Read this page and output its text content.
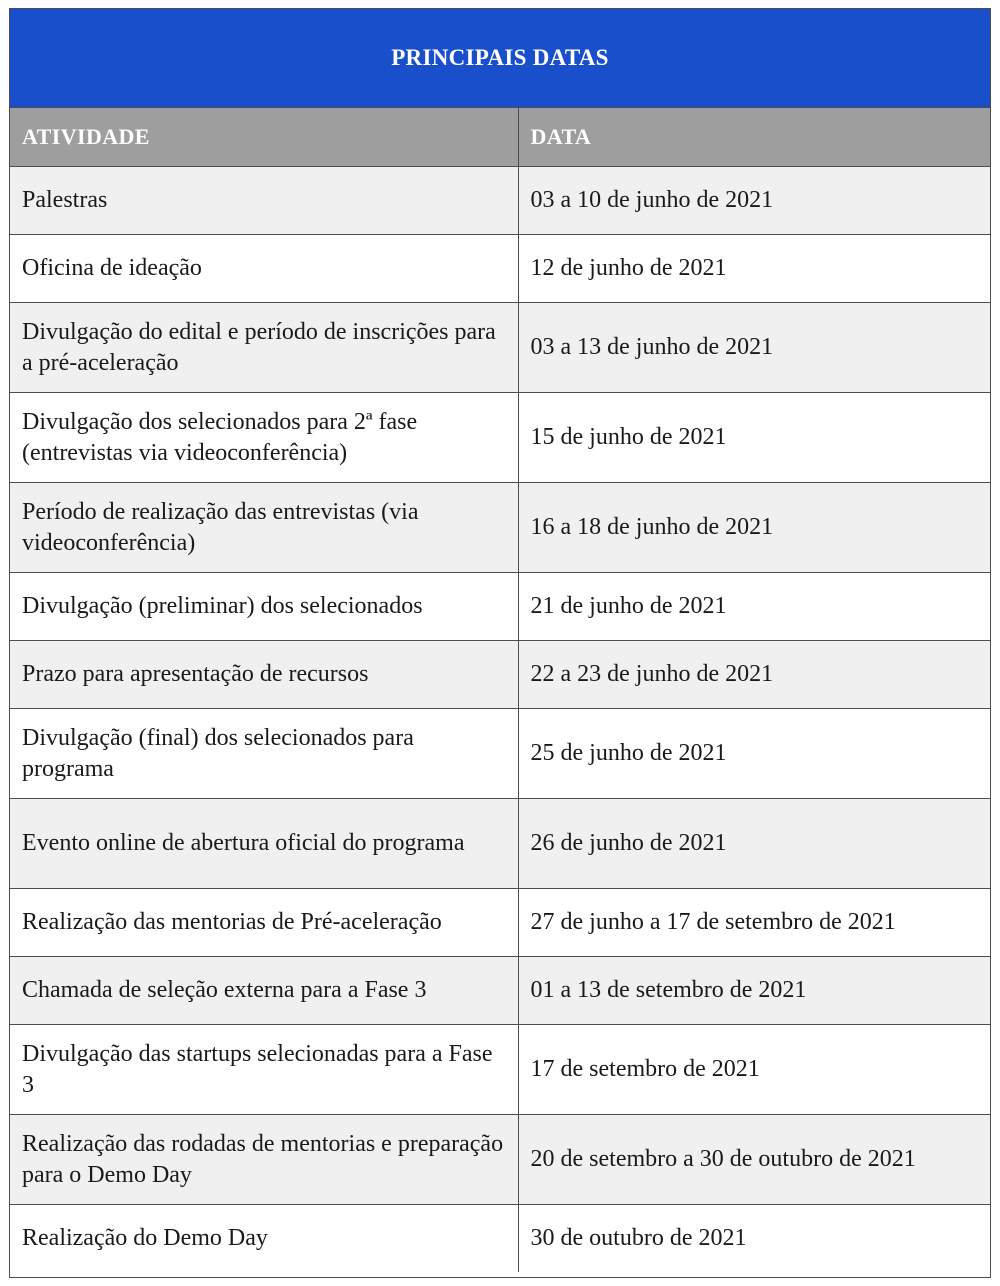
PRINCIPAIS DATAS
ATIVIDADE	DATA
Palestras	03 a 10 de junho de 2021
Oficina de ideação	12 de junho de 2021
Divulgação do edital e período de inscrições para a pré-aceleração	03 a 13 de junho de 2021
Divulgação dos selecionados para 2ª fase (entrevistas via videoconferência)	15 de junho de 2021
Período de realização das entrevistas (via videoconferência)	16 a 18 de junho de 2021
Divulgação (preliminar) dos selecionados	21 de junho de 2021
Prazo para apresentação de recursos	22 a 23 de junho de 2021
Divulgação (final) dos selecionados para programa	25 de junho de 2021
Evento online de abertura oficial do programa	26 de junho de 2021
Realização das mentorias de Pré-aceleração	27 de junho a 17 de setembro de 2021
Chamada de seleção externa para a Fase 3	01 a 13 de setembro de 2021
Divulgação das startups selecionadas para a Fase 3	17 de setembro de 2021
Realização das rodadas de mentorias e preparação para o Demo Day	20 de setembro a 30 de outubro de 2021
Realização do Demo Day	30 de outubro de 2021
